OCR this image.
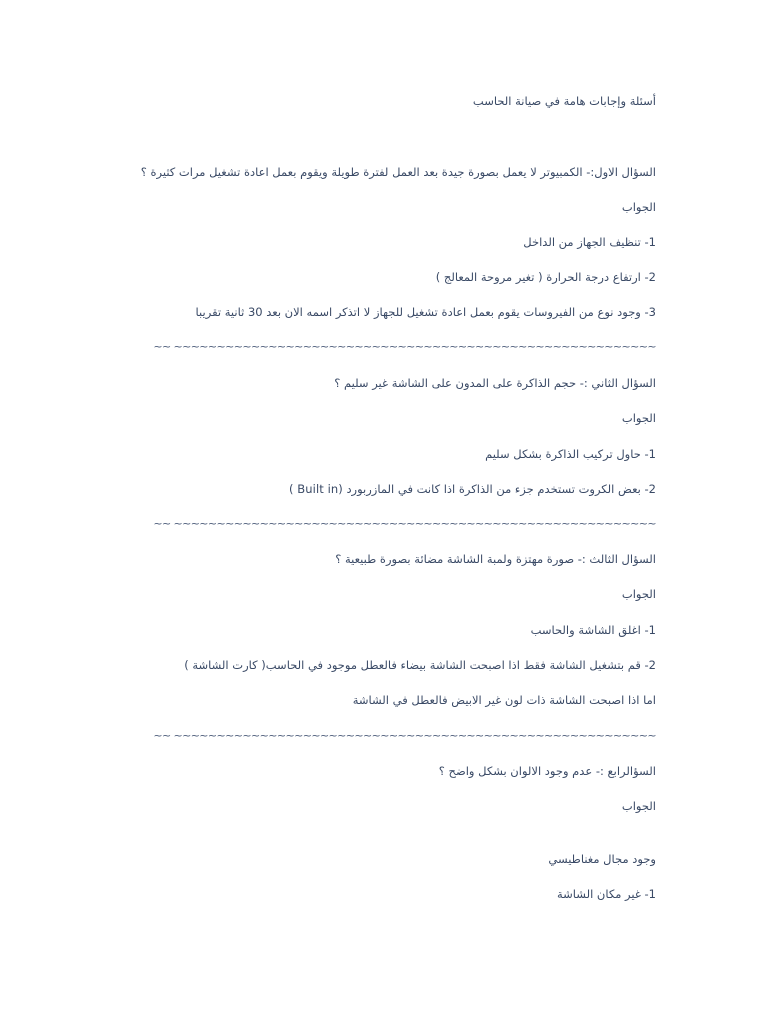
أسئلة وإجابات هامة في صيانة الحاسب
السؤال الاول:- الكمبيوتر لا يعمل بصورة جيدة بعد العمل لفترة طويلة ويقوم بعمل اعادة تشغيل مرات كثيرة ؟
الجواب
1- تنظيف الجهاز من الداخل
2- ارتفاع درجة الحرارة ( تغير مروحة المعالج )
3- وجود نوع من الفيروسات يقوم بعمل اعادة تشغيل للجهاز لا اتذكر اسمه الان بعد 30 ثانية تقريبا
~~ ~~~~~~~~~~~~~~~~~~~~~~~~~~~~~~~~~~~~~~~~~~~~~~~~~~~~~~~~
السؤال الثاني :- حجم الذاكرة على المدون على الشاشة غير سليم ؟
الجواب
1- حاول تركيب الذاكرة بشكل سليم
2- بعض الكروت تستخدم جزء من الذاكرة اذا كانت في المازربورد (Built in )
~~ ~~~~~~~~~~~~~~~~~~~~~~~~~~~~~~~~~~~~~~~~~~~~~~~~~~~~~~~~
السؤال الثالث :- صورة مهتزة ولمبة الشاشة مضائة بصورة طبيعية ؟
الجواب
1- اغلق الشاشة والحاسب
2- قم بتشغيل الشاشة فقط اذا اصبحت الشاشة بيضاء فالعطل موجود في الحاسب( كارت الشاشة )
اما اذا اصبحت الشاشة ذات لون غير الابيض فالعطل في الشاشة
~~ ~~~~~~~~~~~~~~~~~~~~~~~~~~~~~~~~~~~~~~~~~~~~~~~~~~~~~~~~
السؤالرابع :- عدم وجود الالوان بشكل واضح ؟
الجواب
وجود مجال مغناطيسي
1- غير مكان الشاشة
